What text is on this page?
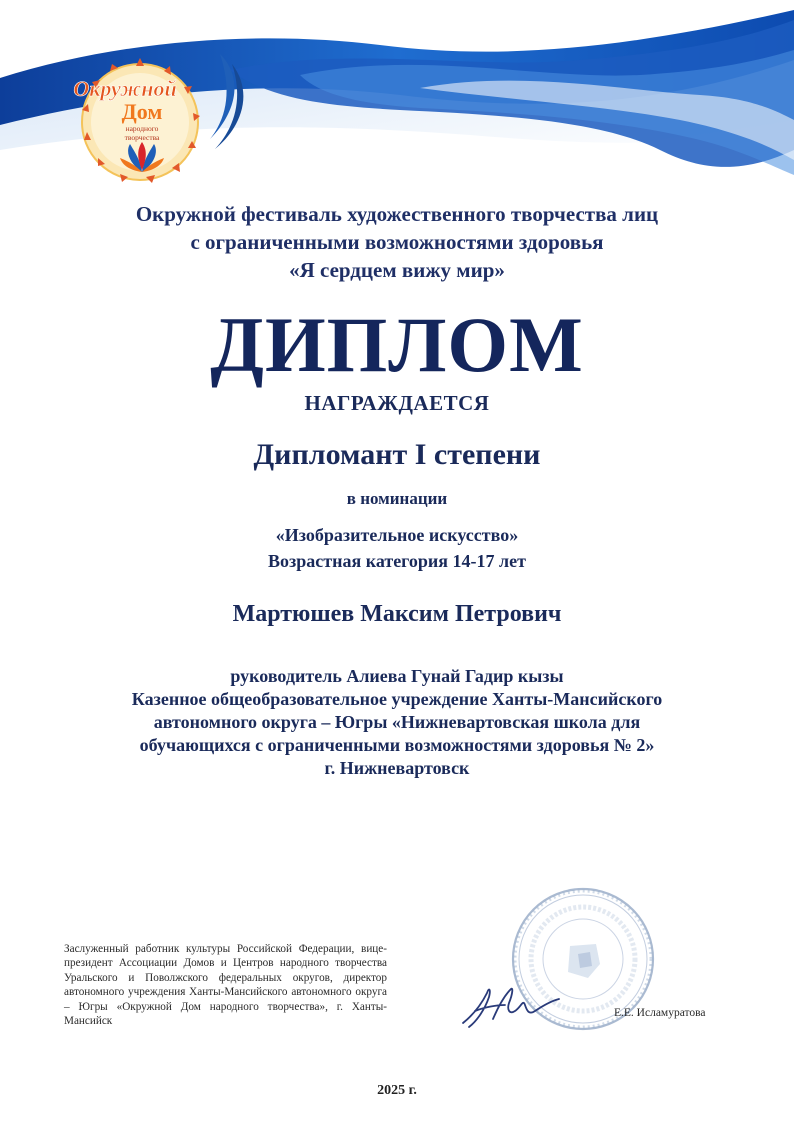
Окружной
Дом
народного
творчества
Окружной фестиваль художественного творчества лиц
с ограниченными возможностями здоровья
«Я сердцем вижу мир»
ДИПЛОМ
НАГРАЖДАЕТСЯ
Дипломант I степени
в номинации
«Изобразительное искусство»
Возрастная категория 14-17 лет
Мартюшев Максим Петрович
руководитель Алиева Гунай Гадир кызы
Казенное общеобразовательное учреждение Ханты-Мансийского
автономного округа – Югры «Нижневартовская школа для
обучающихся с ограниченными возможностями здоровья № 2»
г. Нижневартовск
Заслуженный работник культуры Российской Федерации, вице-президент Ассоциации Домов и Центров народного творчества Уральского и Поволжского федеральных округов, директор автономного учреждения Ханты-Мансийского автономного округа – Югры «Окружной Дом народного творчества», г. Ханты-Мансийск
Е.Е. Исламуратова
2025 г.
